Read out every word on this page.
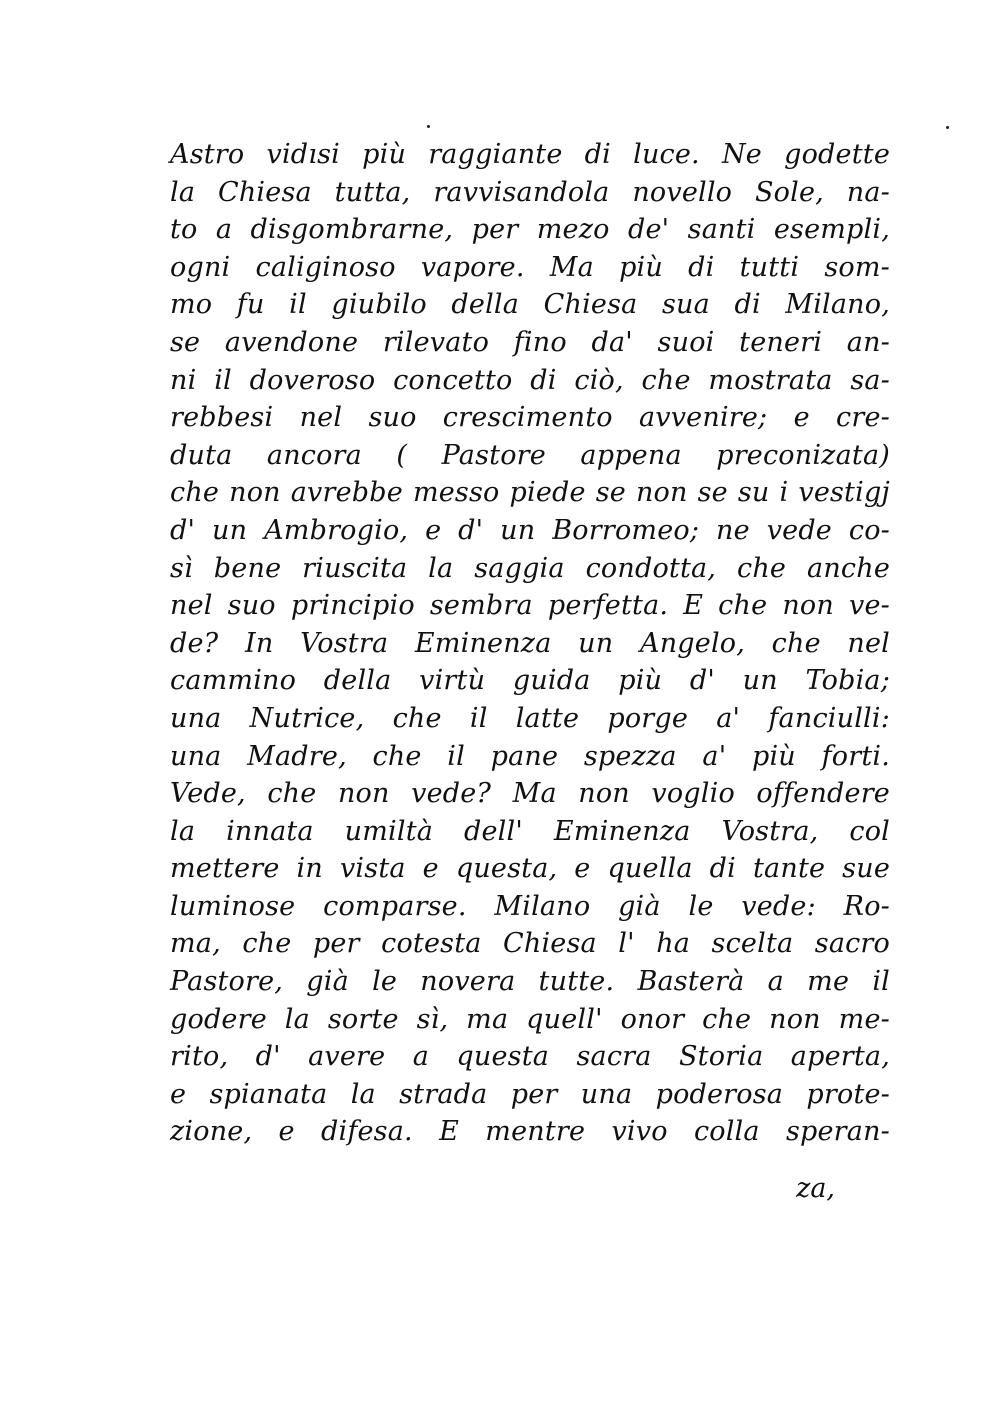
Astro vidısi più raggiante di luce. Ne godette
la Chiesa tutta, ravvisandola novello Sole, na-
to a disgombrarne, per mezo de' santi esempli,
ogni caliginoso vapore. Ma più di tutti som-
mo fu il giubilo della Chiesa sua di Milano,
se avendone rilevato fino da' suoi teneri an-
ni il doveroso concetto di ciò, che mostrata sa-
rebbesi nel suo crescimento avvenire; e cre-
duta ancora ( Pastore appena preconizata)
che non avrebbe messo piede se non se su i vestigj
d' un Ambrogio, e d' un Borromeo; ne vede co-
sì bene riuscita la saggia condotta, che anche
nel suo principio sembra perfetta. E che non ve-
de? In Vostra Eminenza un Angelo, che nel
cammino della virtù guida più d' un Tobia;
una Nutrice, che il latte porge a' fanciulli:
una Madre, che il pane spezza a' più forti.
Vede, che non vede? Ma non voglio offendere
la innata umiltà dell' Eminenza Vostra, col
mettere in vista e questa, e quella di tante sue
luminose comparse. Milano già le vede: Ro-
ma, che per cotesta Chiesa l' ha scelta sacro
Pastore, già le novera tutte. Basterà a me il
godere la sorte sì, ma quell' onor che non me-
rito, d' avere a questa sacra Storia aperta,
e spianata la strada per una poderosa prote-
zione, e difesa. E mentre vivo colla speran-
za,
